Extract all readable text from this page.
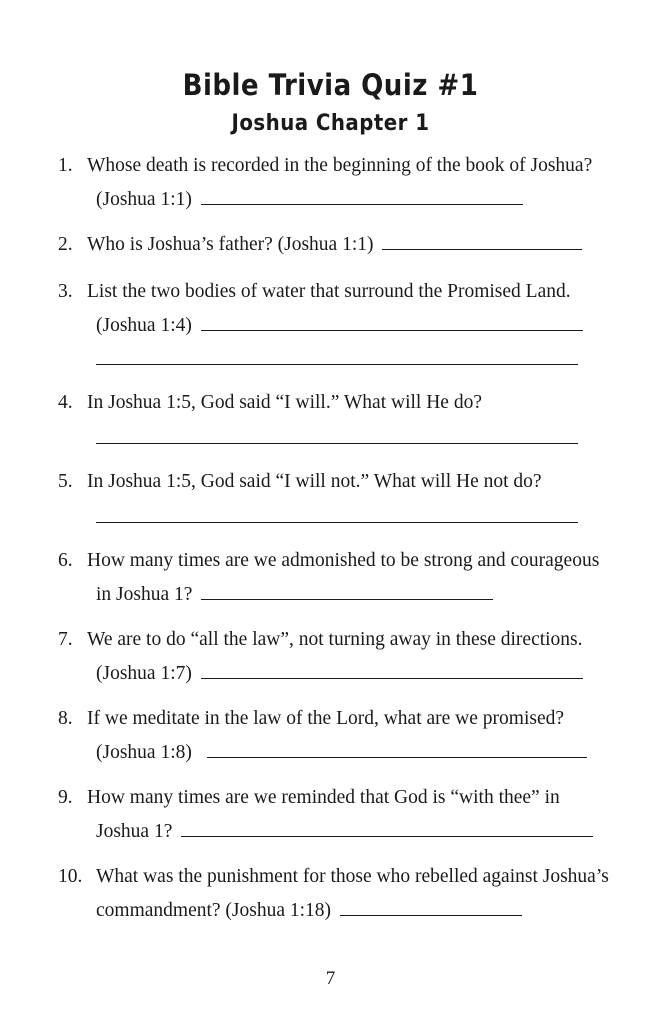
Bible Trivia Quiz #1
Joshua Chapter 1
1. Whose death is recorded in the beginning of the book of Joshua?
(Joshua 1:1)
2. Who is Joshua’s father? (Joshua 1:1)
3. List the two bodies of water that surround the Promised Land.
(Joshua 1:4)
4. In Joshua 1:5, God said “I will.” What will He do?
5. In Joshua 1:5, God said “I will not.” What will He not do?
6. How many times are we admonished to be strong and courageous
in Joshua 1?
7. We are to do “all the law”, not turning away in these directions.
(Joshua 1:7)
8. If we meditate in the law of the Lord, what are we promised?
(Joshua 1:8)
9. How many times are we reminded that God is “with thee” in
Joshua 1?
10. What was the punishment for those who rebelled against Joshua’s
commandment? (Joshua 1:18)
7
